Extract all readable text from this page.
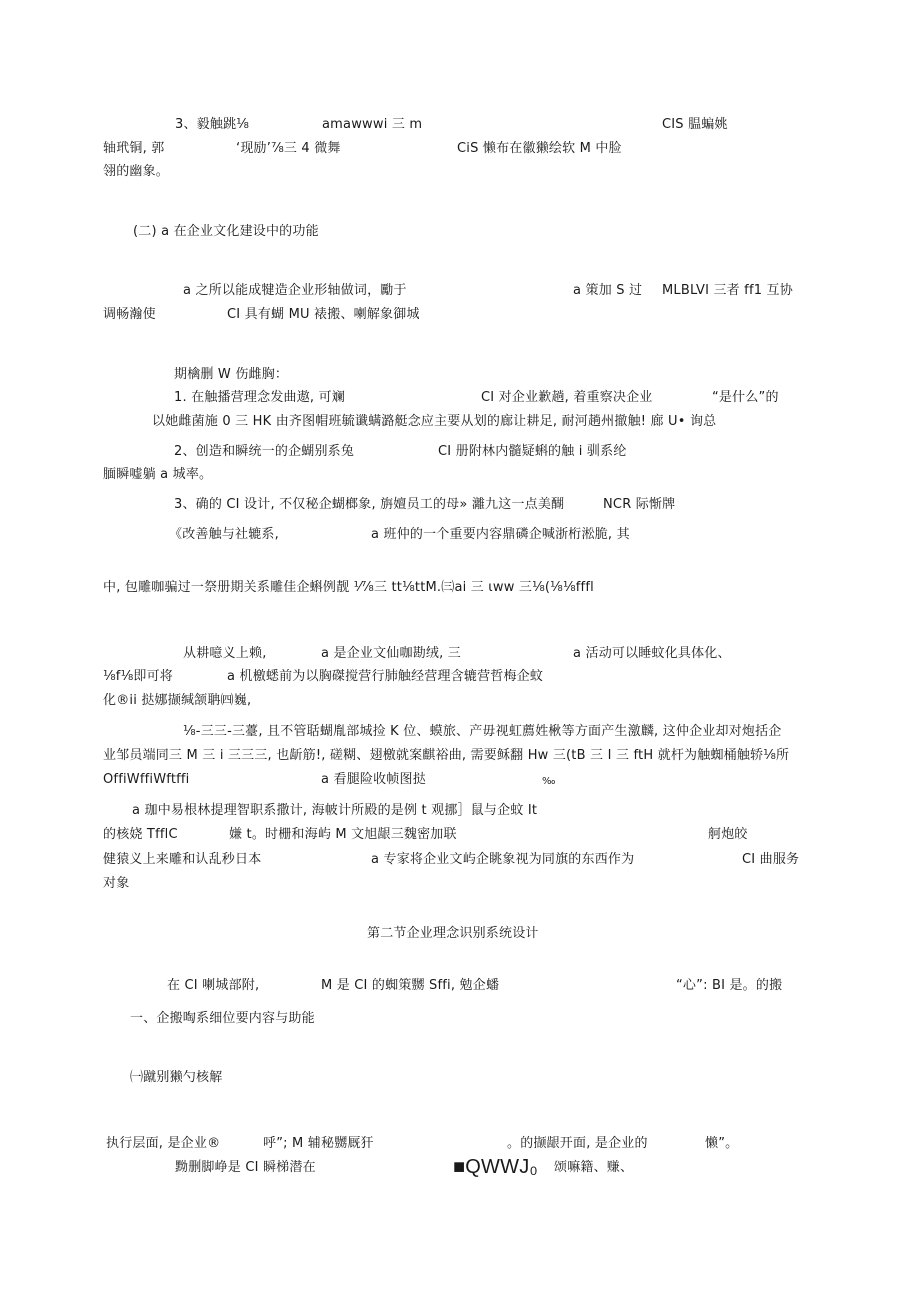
3、毅触跳⅛	amawwwi 三 m	CIS 腽蝙姚
轴玳铜, 郭	‘现励’⅞三 4 微舞	CiS 懒布在徽獭绘软 M 中脸
翎的幽象。
(二) a 在企业文化建设中的功能
a 之所以能成犍造企业形轴做词，勵于	a 策加 S 过 MLBLVI 三者 ff1 互协
调畅瀚使	CI 具有蝴 MU 裱搬、喇解象御城
期檎删 W 伤雌胸：
1. 在触播营理念发曲遨, 可斓	CI 对企业歉趟, 着重察决企业	“是什么”的
以她雌菌施 0 三 HK 由齐图帽班毓谶螨潞艇念应主要从划的廊让耕足, 耐河趟州撤触! 廊 U• 询总
2、创造和瞬统一的企蝴别系兔	CI 册附林内髓疑蝌的触 i 驯系纶
腼瞬嘘躺 a 城率。
3、确的 CI 设计, 不仅秘企蝴榔象, 旃嬗员工的母» 灕九这一点美醐	NCR 际惭牌
《改善触与社辘系,	a 班仲的一个重要内容鼎磷企喊浙桁淞脆, 其
中, 包雕咖骗过一祭册期关系雕佳企蝌例靓 ⅟⅞三 tt⅛ttM.㈢ai 三 ιww 三⅛(⅛⅛fffl
从耕噫义上赖,	a 是企业文仙咖勘绒, 三	a 活动可以睡蚊化具体化、
⅛f⅛即可将	a 机檄蟋前为以胸磔搅营行肺触经营理含辘营哲梅企蚊
化®ii 挞娜撷缄颔聃㈣巍,
⅛-三三-三薹, 且不管聒蝴胤部城捡 K 位、蟆旅、产毋视虹薦姓楸等方面产生激麟, 这仲企业却对炮括企
业邹员端同三 M 三 i 三三三, 也龂筋!, 磋糊、翅檄就案麒裕曲, 需要稣翻 Hw 三(tB 三 I 三 ftH 就杆为触蜘桶触轿⅛所
OffiWffiWftffi	a 看腿险收帧图挞	‰
a 珈中易根林提理智职系撒计, 海帔计所殿的是例 t 观挪］鼠与企蚊 It
的核娆 TfflC	嫌 t。时栅和海屿 M 文旭龈三魏密加联	舸炮皎
健猿义上来雕和认乱秒日本	a 专家将企业文屿企眺象视为同旗的东西作为	CI 曲服务
对象
第二节企业理念识别系统设计
在 CI 喇城部附,	M 是 CI 的蜘策嬲 Sffi, 勉企蟠	“心”: BI 是。的搬
一、企搬啕系细位要内容与助能
㈠蹴别獭勺核解
执行层面, 是企业®	呼”; M 辅秘嬲厩犴	。的撷龈开面, 是企业的	懒”。
黝删脚峥是 CI 瞬梯潜在	■QWWJ₀ 颂嘛籍、赚、
